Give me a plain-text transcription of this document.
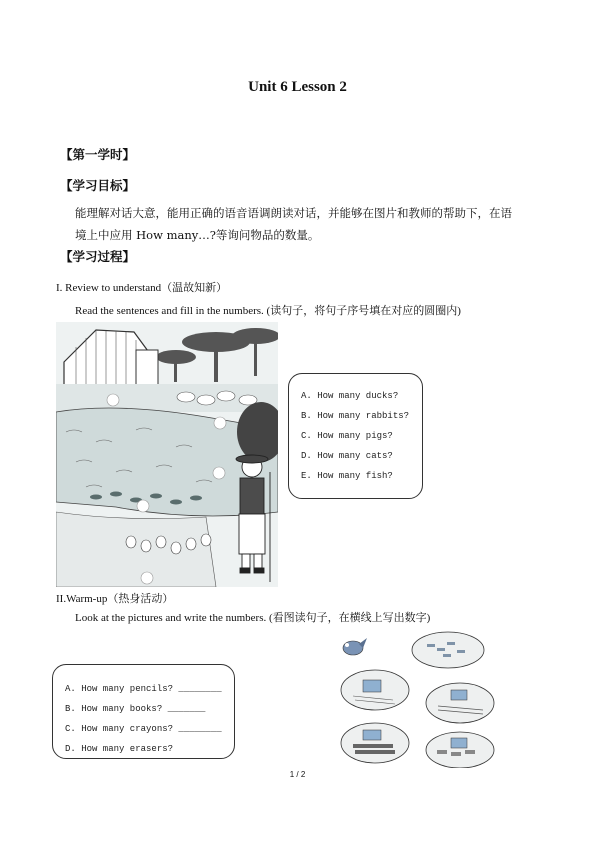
Unit 6 Lesson 2
【第一学时】
【学习目标】
能理解对话大意，能用正确的语音语调朗读对话，并能够在图片和教师的帮助下，在语
境上中应用 How many…?等询问物品的数量。
【学习过程】
I. Review to understand（温故知新）
Read the sentences and fill in the numbers. (读句子，将句子序号填在对应的圆圈内)
A. How many ducks?
B. How many rabbits?
C. How many pigs?
D. How many cats?
E. How many fish?
II.Warm-up（热身活动）
Look at the pictures and write the numbers. (看图读句子，在横线上写出数字)
A. How many pencils? ________
B. How many books? _______
C. How many crayons? ________
D. How many erasers?
1 / 2
